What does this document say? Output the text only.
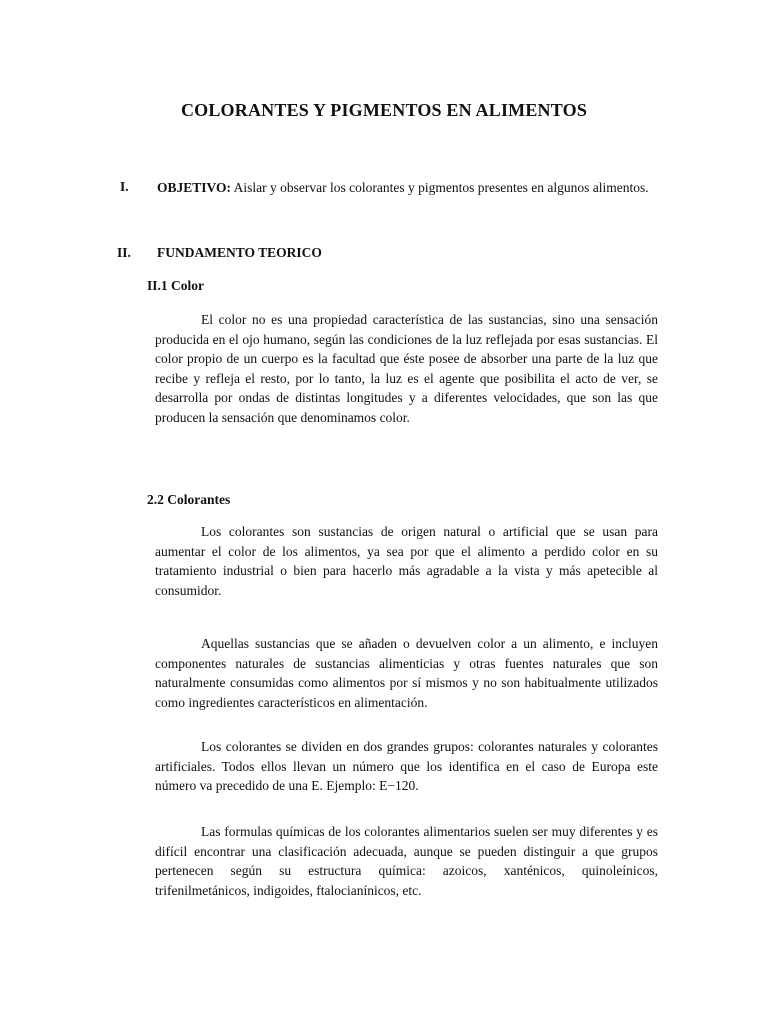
COLORANTES Y PIGMENTOS EN ALIMENTOS
I. OBJETIVO: Aislar y observar los colorantes y pigmentos presentes en algunos alimentos.
II. FUNDAMENTO TEORICO
II.1 Color
El color no es una propiedad característica de las sustancias, sino una sensación producida en el ojo humano, según las condiciones de la luz reflejada por esas sustancias. El color propio de un cuerpo es la facultad que éste posee de absorber una parte de la luz que recibe y refleja el resto, por lo tanto, la luz es el agente que posibilita el acto de ver, se desarrolla por ondas de distintas longitudes y a diferentes velocidades, que son las que producen la sensación que denominamos color.
2.2 Colorantes
Los colorantes son sustancias de origen natural o artificial que se usan para aumentar el color de los alimentos, ya sea por que el alimento a perdido color en su tratamiento industrial o bien para hacerlo más agradable a la vista y más apetecible al consumidor.
Aquellas sustancias que se añaden o devuelven color a un alimento, e incluyen componentes naturales de sustancias alimenticias y otras fuentes naturales que son naturalmente consumidas como alimentos por sí mismos y no son habitualmente utilizados como ingredientes característicos en alimentación.
Los colorantes se dividen en dos grandes grupos: colorantes naturales y colorantes artificiales. Todos ellos llevan un número que los identifica en el caso de Europa este número va precedido de una E. Ejemplo: E−120.
Las formulas químicas de los colorantes alimentarios suelen ser muy diferentes y es difícil encontrar una clasificación adecuada, aunque se pueden distinguir a que grupos pertenecen según su estructura química: azoicos, xanténicos, quinoleínicos, trifenilmetánicos, indigoides, ftalocianínicos, etc.
